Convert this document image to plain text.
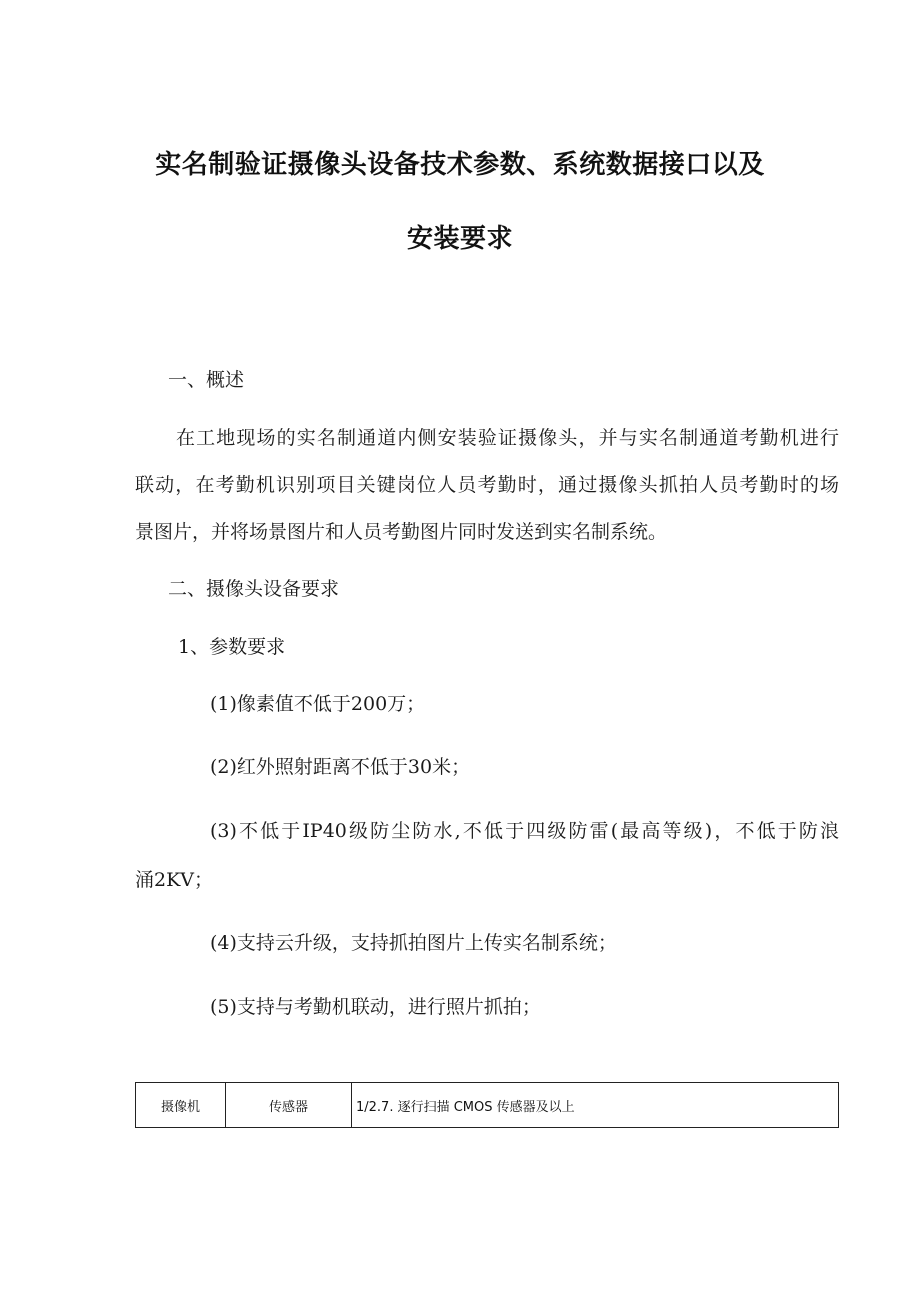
实名制验证摄像头设备技术参数、系统数据接口以及
安装要求
一、概述
在工地现场的实名制通道内侧安装验证摄像头，并与实名制通道考勤机进行
联动，在考勤机识别项目关键岗位人员考勤时，通过摄像头抓拍人员考勤时的场
景图片，并将场景图片和人员考勤图片同时发送到实名制系统。
二、摄像头设备要求
1、参数要求
(1)像素值不低于200万；
(2)红外照射距离不低于30米；
(3)不低于IP40级防尘防水,不低于四级防雷(最高等级)，不低于防浪
涌2KV；
(4)支持云升级，支持抓拍图片上传实名制系统；
(5)支持与考勤机联动，进行照片抓拍；
摄像机	传感器	1/2.7. 逐行扫描 CMOS 传感器及以上
